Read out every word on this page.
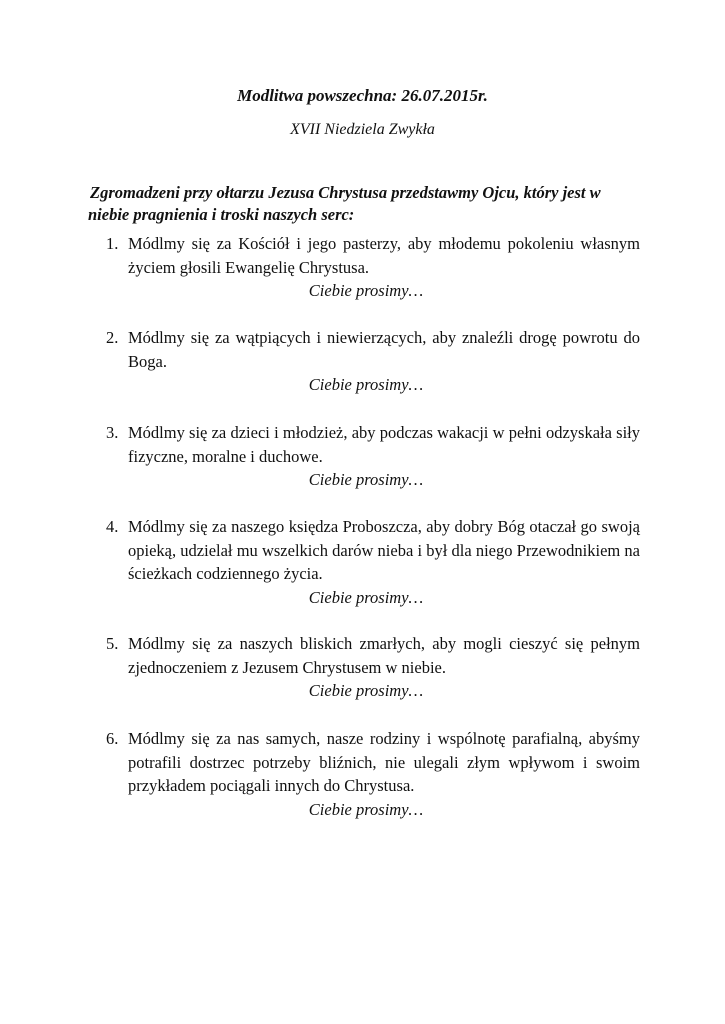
Modlitwa powszechna: 26.07.2015r.
XVII Niedziela Zwykła
Zgromadzeni przy ołtarzu Jezusa Chrystusa przedstawmy Ojcu, który jest w niebie pragnienia i troski naszych serc:
1. Módlmy się za Kościół i jego pasterzy, aby młodemu pokoleniu własnym życiem głosili Ewangelię Chrystusa.
Ciebie prosimy…
2. Módlmy się za wątpiących i niewierzących, aby znaleźli drogę powrotu do Boga.
Ciebie prosimy…
3. Módlmy się za dzieci i młodzież, aby podczas wakacji w pełni odzyskała siły fizyczne, moralne i duchowe.
Ciebie prosimy…
4. Módlmy się za naszego księdza Proboszcza, aby dobry Bóg otaczał go swoją opieką, udzielał mu wszelkich darów nieba i był dla niego Przewodnikiem na ścieżkach codziennego życia.
Ciebie prosimy…
5. Módlmy się za naszych bliskich zmarłych, aby mogli cieszyć się pełnym zjednoczeniem z Jezusem Chrystusem w niebie.
Ciebie prosimy…
6. Módlmy się za nas samych, nasze rodziny i wspólnotę parafialną, abyśmy potrafili dostrzec potrzeby bliźnich, nie ulegali złym wpływom i swoim przykładem pociągali innych do Chrystusa.
Ciebie prosimy…
